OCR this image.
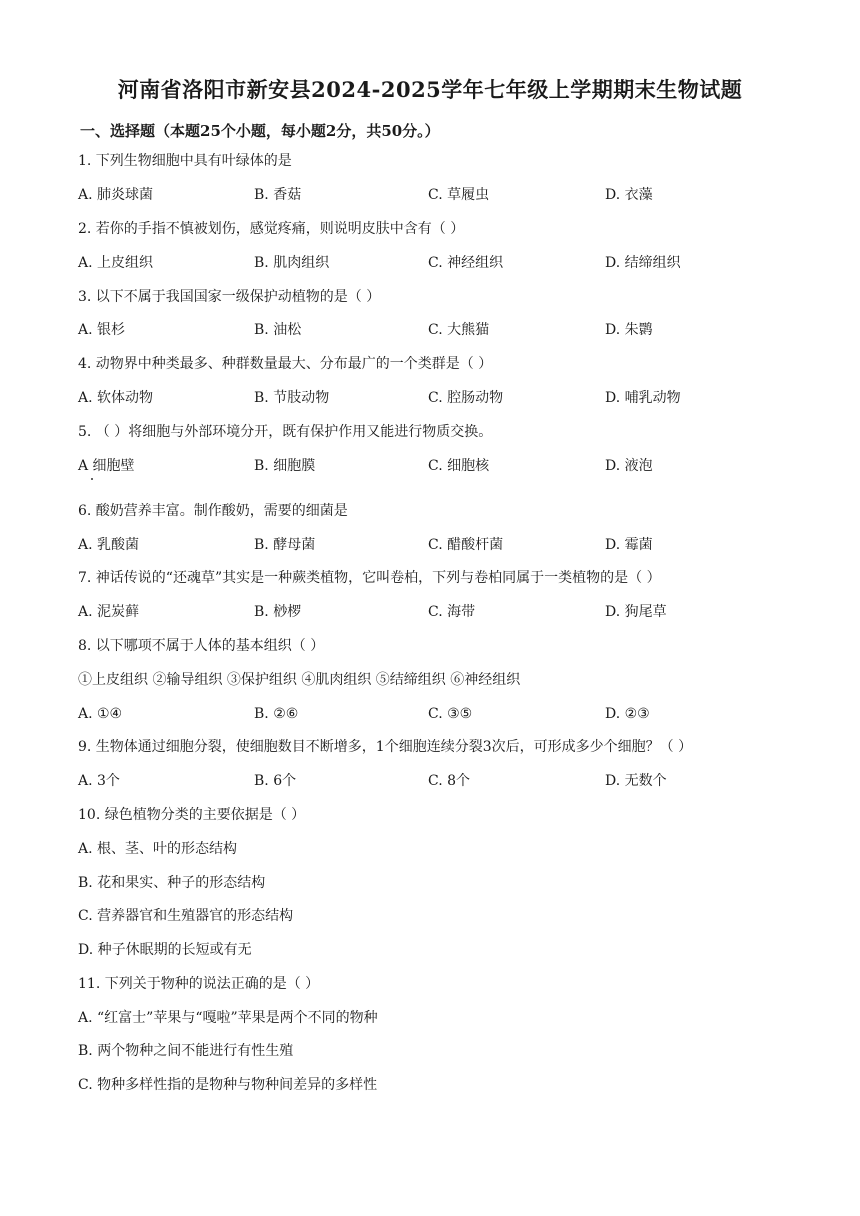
河南省洛阳市新安县2024-2025学年七年级上学期期末生物试题
一、选择题（本题25个小题，每小题2分，共50分。）
1. 下列生物细胞中具有叶绿体的是
A. 肺炎球菌	B. 香菇	C. 草履虫	D. 衣藻
2. 若你的手指不慎被划伤，感觉疼痛，则说明皮肤中含有（ ）
A. 上皮组织	B. 肌肉组织	C. 神经组织	D. 结缔组织
3. 以下不属于我国国家一级保护动植物的是（ ）
A. 银杉	B. 油松	C. 大熊猫	D. 朱鹮
4. 动物界中种类最多、种群数量最大、分布最广的一个类群是（ ）
A. 软体动物	B. 节肢动物	C. 腔肠动物	D. 哺乳动物
5. （ ）将细胞与外部环境分开，既有保护作用又能进行物质交换。
A 细胞壁	B. 细胞膜	C. 细胞核	D. 液泡
6. 酸奶营养丰富。制作酸奶，需要的细菌是
A. 乳酸菌	B. 酵母菌	C. 醋酸杆菌	D. 霉菌
7. 神话传说的“还魂草”其实是一种蕨类植物，它叫卷柏，下列与卷柏同属于一类植物的是（ ）
A. 泥炭藓	B. 桫椤	C. 海带	D. 狗尾草
8. 以下哪项不属于人体的基本组织（ ）
①上皮组织 ②输导组织 ③保护组织 ④肌肉组织 ⑤结缔组织 ⑥神经组织
A. ①④	B. ②⑥	C. ③⑤	D. ②③
9. 生物体通过细胞分裂，使细胞数目不断增多，1个细胞连续分裂3次后，可形成多少个细胞？（ ）
A. 3个	B. 6个	C. 8个	D. 无数个
10. 绿色植物分类的主要依据是（ ）
A. 根、茎、叶的形态结构
B. 花和果实、种子的形态结构
C. 营养器官和生殖器官的形态结构
D. 种子休眠期的长短或有无
11. 下列关于物种的说法正确的是（ ）
A. “红富士”苹果与“嘎啦”苹果是两个不同的物种
B. 两个物种之间不能进行有性生殖
C. 物种多样性指的是物种与物种间差异的多样性
